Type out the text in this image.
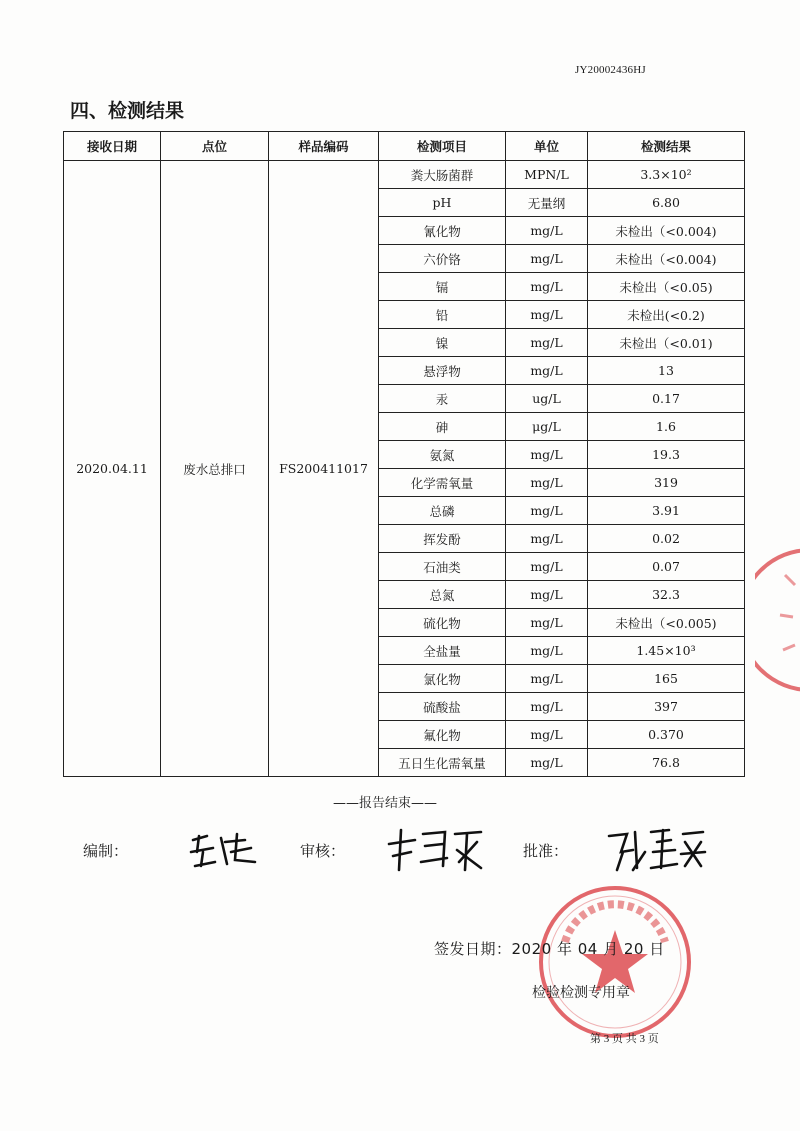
JY20002436HJ
四、检测结果
接收日期	点位	样品编码	检测项目	单位	检测结果
2020.04.11	废水总排口	FS200411017	粪大肠菌群	MPN/L	3.3×10²
			pH	无量纲	6.80
			氰化物	mg/L	未检出（<0.004)
			六价铬	mg/L	未检出（<0.004)
			镉	mg/L	未检出（<0.05)
			铅	mg/L	未检出(<0.2)
			镍	mg/L	未检出（<0.01)
			悬浮物	mg/L	13
			汞	ug/L	0.17
			砷	μg/L	1.6
			氨氮	mg/L	19.3
			化学需氧量	mg/L	319
			总磷	mg/L	3.91
			挥发酚	mg/L	0.02
			石油类	mg/L	0.07
			总氮	mg/L	32.3
			硫化物	mg/L	未检出（<0.005)
			全盐量	mg/L	1.45×10³
			氯化物	mg/L	165
			硫酸盐	mg/L	397
			氟化物	mg/L	0.370
			五日生化需氧量	mg/L	76.8
——报告结束——
编制：	审核：	批准：
签发日期：2020 年 04 月 20 日
检验检测专用章
第 3 页 共 3 页
